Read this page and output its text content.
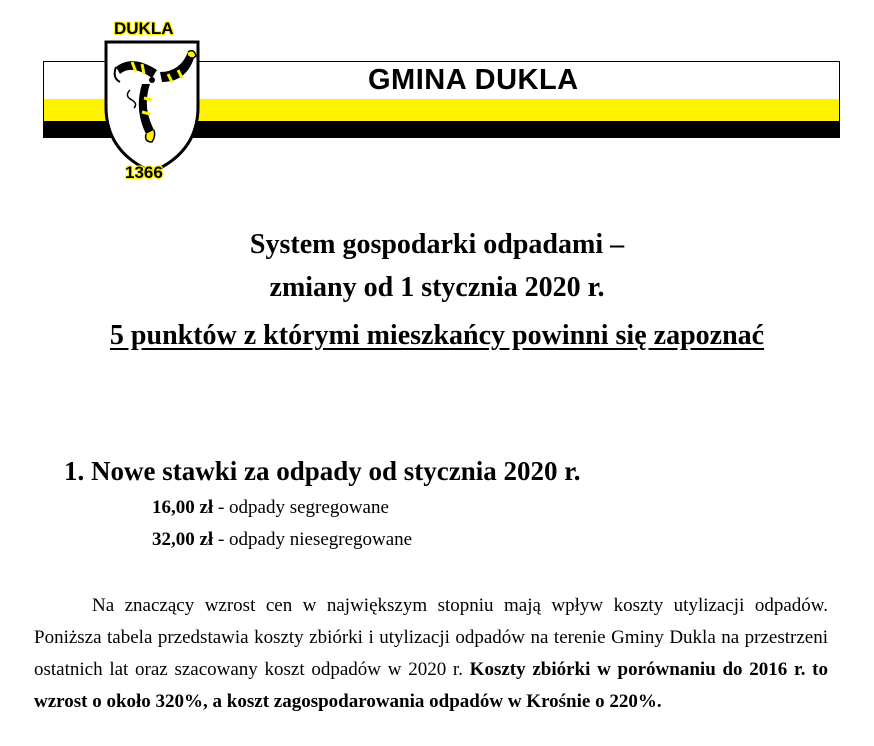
GMINA DUKLA
DUKLA
1366
System gospodarki odpadami –
zmiany od 1 stycznia 2020 r.
5 punktów z którymi mieszkańcy powinni się zapoznać
1. Nowe stawki za odpady od stycznia 2020 r.
16,00 zł - odpady segregowane
32,00 zł - odpady niesegregowane
Na znaczący wzrost cen w największym stopniu mają wpływ koszty utylizacji odpadów. Poniższa tabela przedstawia koszty zbiórki i utylizacji odpadów na terenie Gminy Dukla na przestrzeni ostatnich lat oraz szacowany koszt odpadów w 2020 r. Koszty zbiórki w porównaniu do 2016 r. to wzrost o około 320%, a koszt zagospodarowania odpadów w Krośnie o 220%.
